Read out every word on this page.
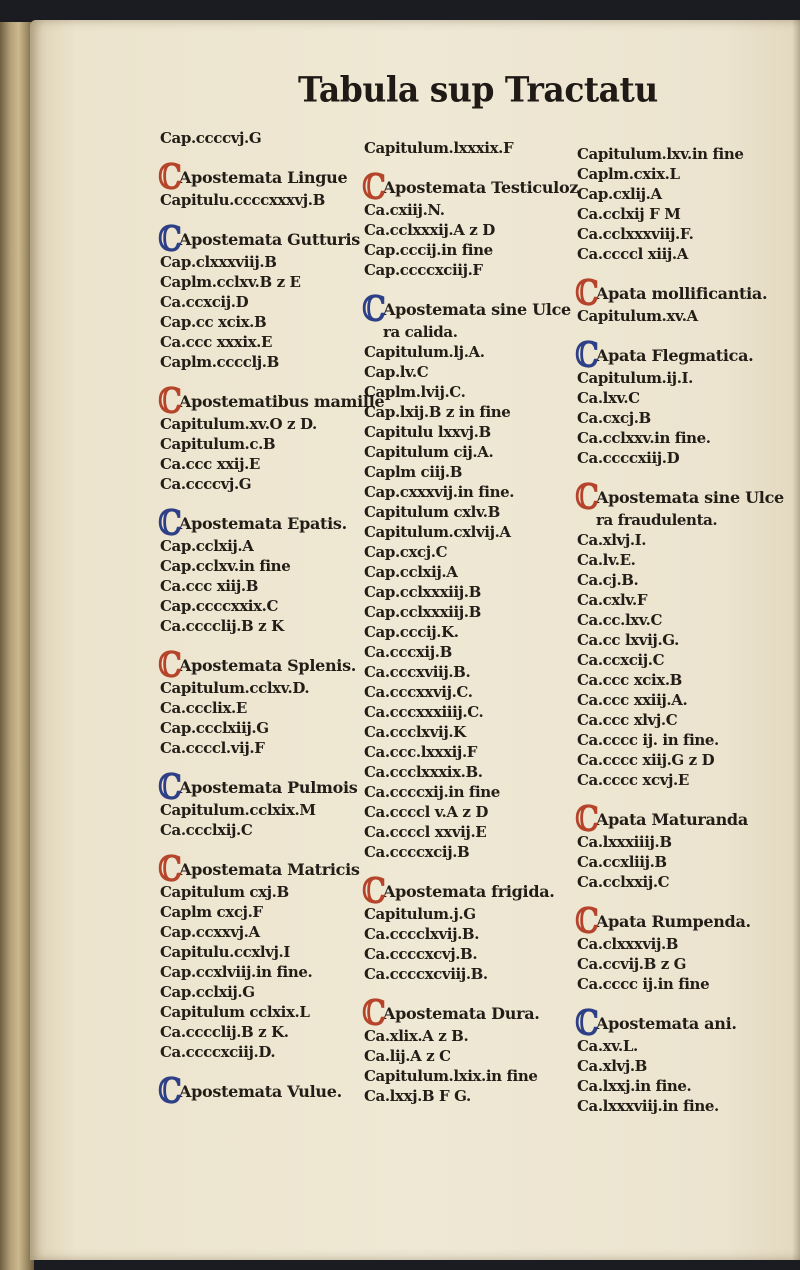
Tabula sup Tractatu
Cap.ccccvj.G
ℂ
Apostemata Lingue
Capitulu.ccccxxxvj.B
ℂ
Apostemata Gutturis
Cap.clxxxviij.B
Caplm.cclxv.B z E
Ca.ccxcij.D
Cap.cc xcix.B
Ca.ccc xxxix.E
Caplm.cccclj.B
ℂ
Apostematibus mamille
Capitulum.xv.O z D.
Capitulum.c.B
Ca.ccc xxij.E
Ca.ccccvj.G
ℂ
Apostemata Epatis.
Cap.cclxij.A
Cap.cclxv.in fine
Ca.ccc xiij.B
Cap.ccccxxix.C
Ca.cccclij.B z K
ℂ
Apostemata Splenis.
Capitulum.cclxv.D.
Ca.ccclix.E
Cap.ccclxiij.G
Ca.ccccl.vij.F
ℂ
Apostemata Pulmois
Capitulum.cclxix.M
Ca.ccclxij.C
ℂ
Apostemata Matricis
Capitulum cxj.B
Caplm cxcj.F
Cap.ccxxvj.A
Capitulu.ccxlvj.I
Cap.ccxlviij.in fine.
Cap.cclxij.G
Capitulum cclxix.L
Ca.cccclij.B z K.
Ca.ccccxciij.D.
ℂ
Apostemata Vulue.
Capitulum.lxxxix.F
ℂ
Apostemata Testiculoz
Ca.cxiij.N.
Ca.cclxxxij.A z D
Cap.cccij.in fine
Cap.ccccxciij.F
ℂ
Apostemata sine Ulce
ra calida.
Capitulum.lj.A.
Cap.lv.C
Caplm.lvij.C.
Cap.lxij.B z in fine
Capitulu lxxvj.B
Capitulum cij.A.
Caplm ciij.B
Cap.cxxxvij.in fine.
Capitulum cxlv.B
Capitulum.cxlvij.A
Cap.cxcj.C
Cap.cclxij.A
Cap.cclxxxiij.B
Cap.cclxxxiij.B
Cap.cccij.K.
Ca.cccxij.B
Ca.cccxviij.B.
Ca.cccxxvij.C.
Ca.cccxxxiiij.C.
Ca.ccclxvij.K
Ca.ccc.lxxxij.F
Ca.ccclxxxix.B.
Ca.ccccxij.in fine
Ca.ccccl v.A z D
Ca.ccccl xxvij.E
Ca.ccccxcij.B
ℂ
Apostemata frigida.
Capitulum.j.G
Ca.cccclxvij.B.
Ca.ccccxcvj.B.
Ca.ccccxcviij.B.
ℂ
Apostemata Dura.
Ca.xlix.A z B.
Ca.lij.A z C
Capitulum.lxix.in fine
Ca.lxxj.B F G.
Capitulum.lxv.in fine
Caplm.cxix.L
Cap.cxlij.A
Ca.cclxij F M
Ca.cclxxxviij.F.
Ca.ccccl xiij.A
ℂ
Apata mollificantia.
Capitulum.xv.A
ℂ
Apata Flegmatica.
Capitulum.ij.I.
Ca.lxv.C
Ca.cxcj.B
Ca.cclxxv.in fine.
Ca.ccccxiij.D
ℂ
Apostemata sine Ulce
ra fraudulenta.
Ca.xlvj.I.
Ca.lv.E.
Ca.cj.B.
Ca.cxlv.F
Ca.cc.lxv.C
Ca.cc lxvij.G.
Ca.ccxcij.C
Ca.ccc xcix.B
Ca.ccc xxiij.A.
Ca.ccc xlvj.C
Ca.cccc ij. in fine.
Ca.cccc xiij.G z D
Ca.cccc xcvj.E
ℂ
Apata Maturanda
Ca.lxxxiiij.B
Ca.ccxliij.B
Ca.cclxxij.C
ℂ
Apata Rumpenda.
Ca.clxxxvij.B
Ca.ccvij.B z G
Ca.cccc ij.in fine
ℂ
Apostemata ani.
Ca.xv.L.
Ca.xlvj.B
Ca.lxxj.in fine.
Ca.lxxxviij.in fine.
